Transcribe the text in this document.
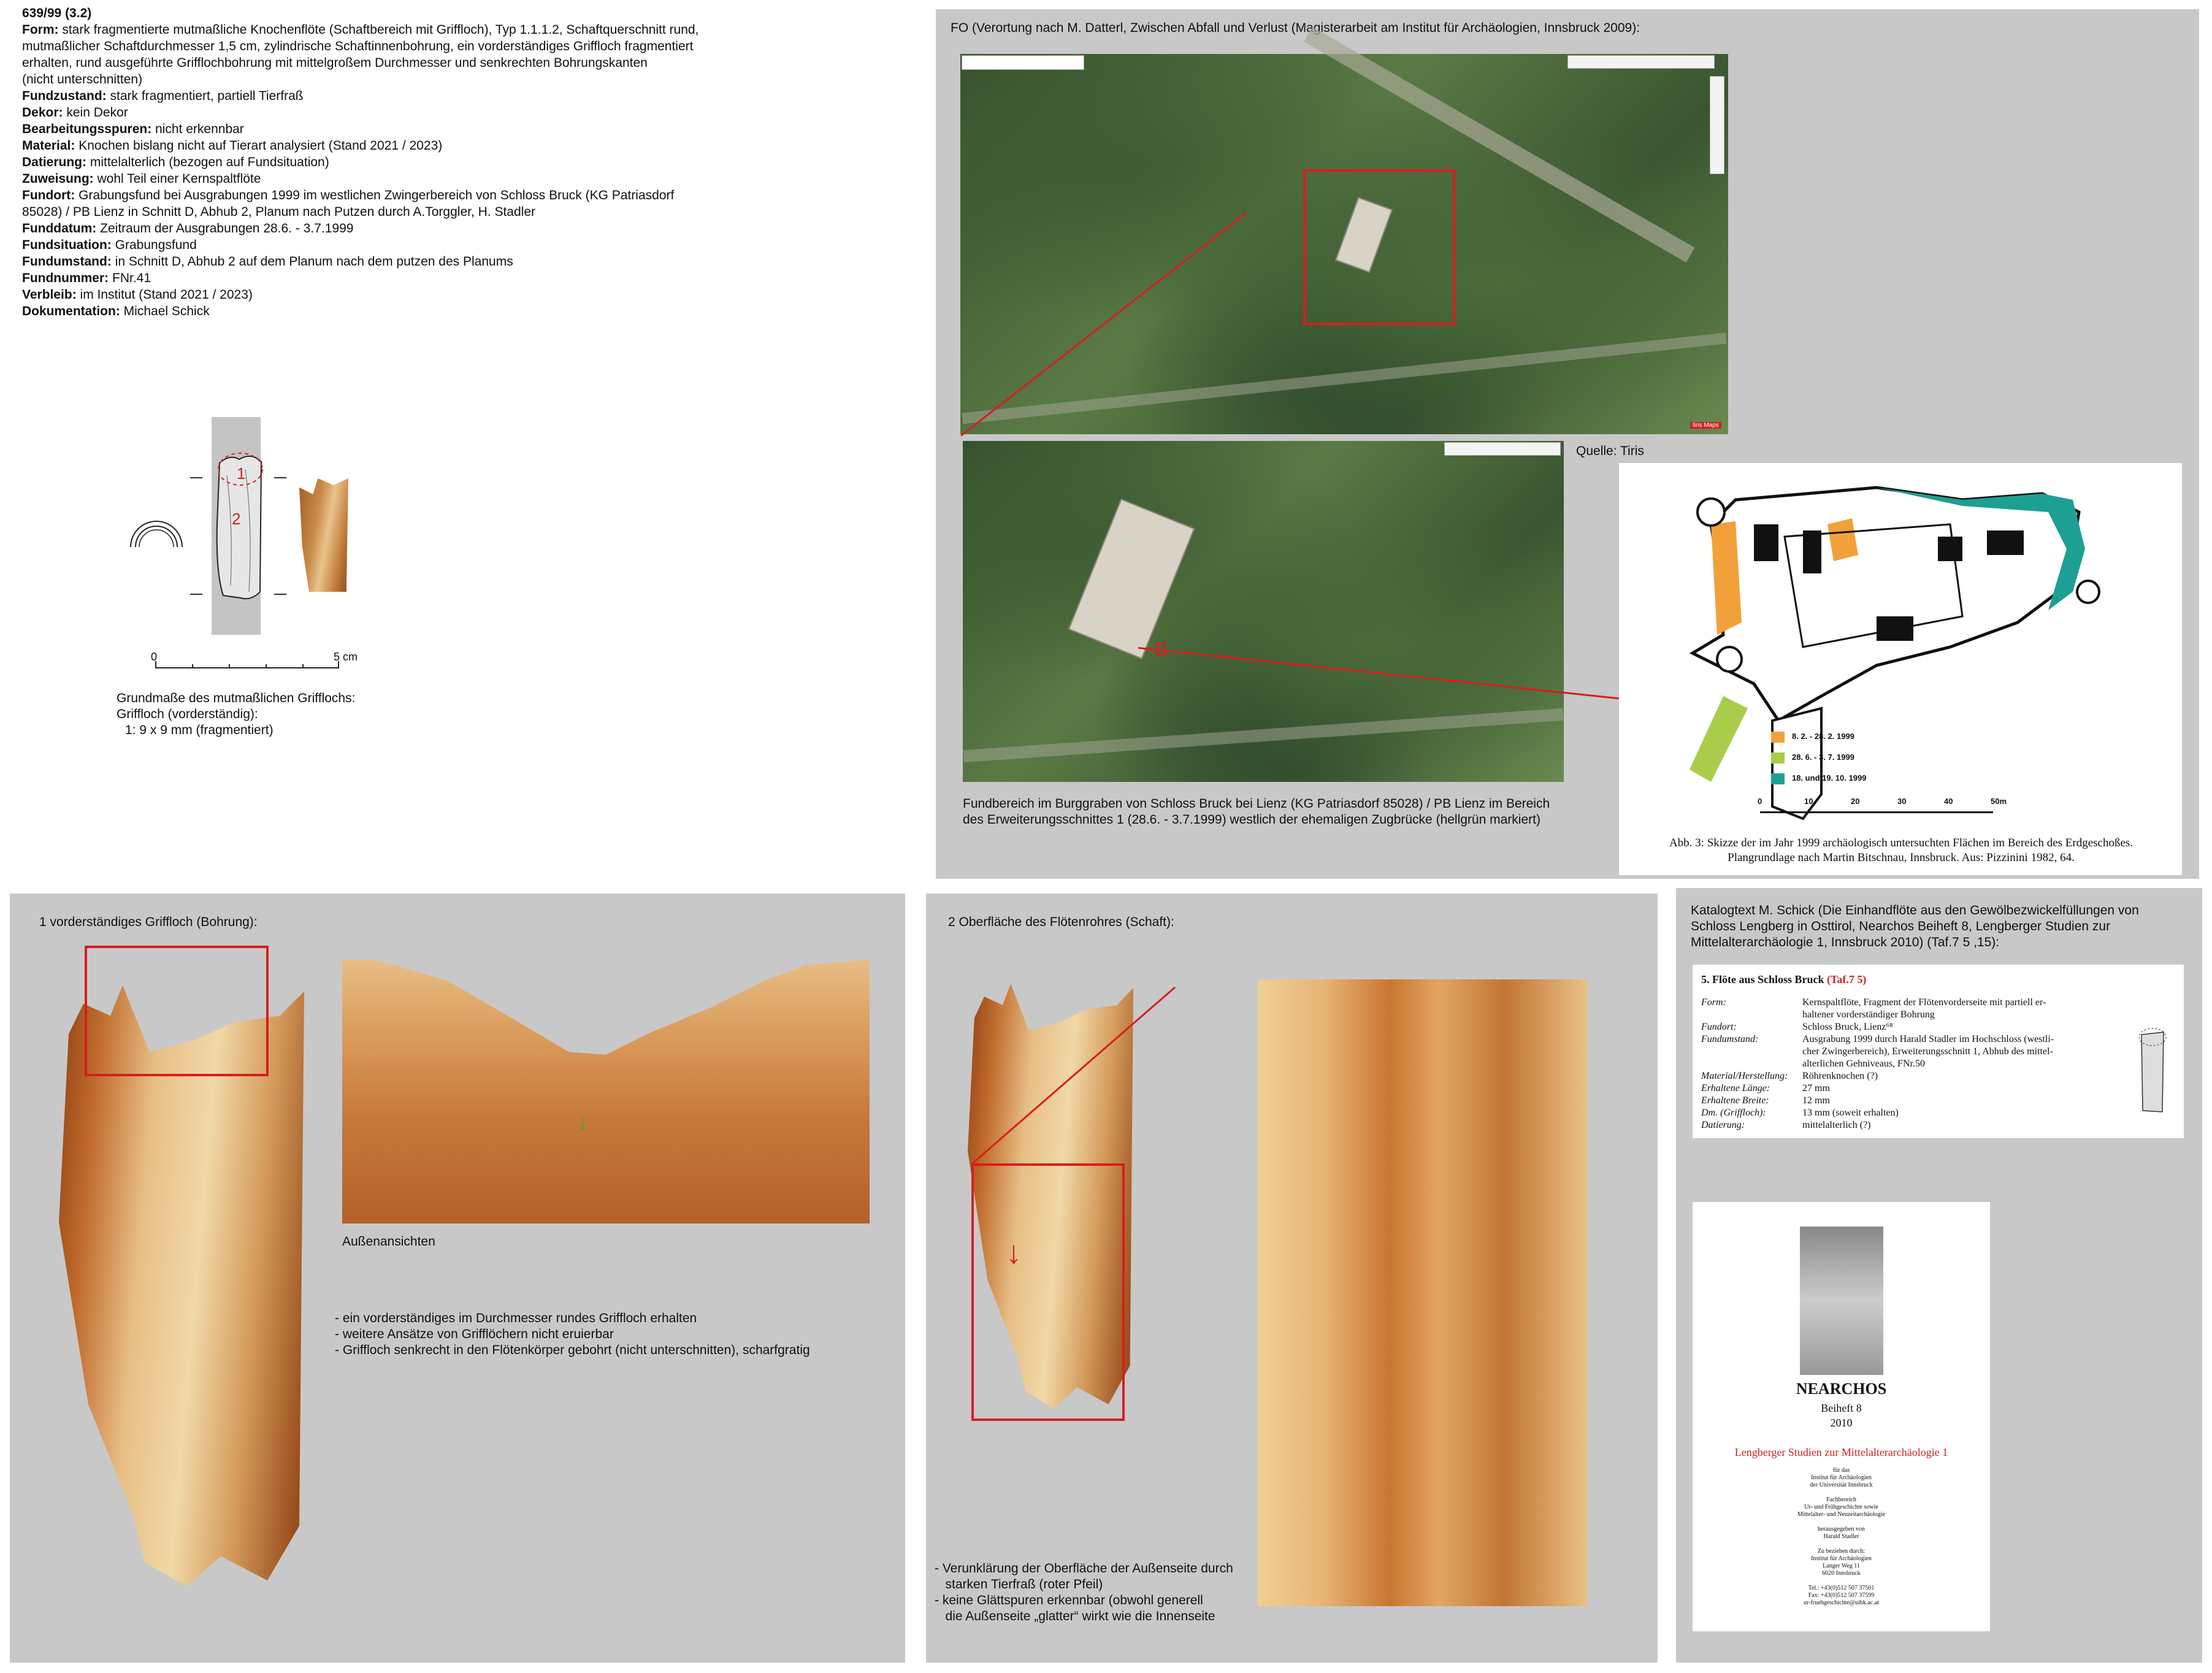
639/99 (3.2)
Form: stark fragmentierte mutmaßliche Knochenflöte (Schaftbereich mit Griffloch), Typ 1.1.1.2, Schaftquerschnitt rund,
mutmaßlicher Schaftdurchmesser 1,5 cm, zylindrische Schaftinnenbohrung, ein vorderständiges Griffloch fragmentiert
erhalten, rund ausgeführte Grifflochbohrung mit mittelgroßem Durchmesser und senkrechten Bohrungskanten
(nicht unterschnitten)
Fundzustand: stark fragmentiert, partiell Tierfraß
Dekor: kein Dekor
Bearbeitungsspuren: nicht erkennbar
Material: Knochen bislang nicht auf Tierart analysiert (Stand 2021 / 2023)
Datierung: mittelalterlich (bezogen auf Fundsituation)
Zuweisung: wohl Teil einer Kernspaltflöte
Fundort: Grabungsfund bei Ausgrabungen 1999 im westlichen Zwingerbereich von Schloss Bruck (KG Patriasdorf
85028) / PB Lienz in Schnitt D, Abhub 2, Planum nach Putzen durch A.Torggler, H. Stadler
Funddatum: Zeitraum der Ausgrabungen 28.6. - 3.7.1999
Fundsituation: Grabungsfund
Fundumstand: in Schnitt D, Abhub 2 auf dem Planum nach dem putzen des Planums
Fundnummer: FNr.41
Verbleib: im Institut (Stand 2021 / 2023)
Dokumentation: Michael Schick
1
2
0	5 cm
Grundmaße des mutmaßlichen Grifflochs:
Griffloch (vorderständig):
1: 9 x 9 mm (fragmentiert)
FO (Verortung nach M. Datterl, Zwischen Abfall und Verlust (Magisterarbeit am Institut für Archäologien, Innsbruck 2009):
tiris Maps
Quelle: Tiris
Fundbereich im Burggraben von Schloss Bruck bei Lienz (KG Patriasdorf 85028) / PB Lienz im Bereich
des Erweiterungsschnittes 1 (28.6. - 3.7.1999) westlich der ehemaligen Zugbrücke (hellgrün markiert)
8. 2. - 28. 2. 1999
28. 6. - 3. 7. 1999
18. und 19. 10. 1999
0	10	20	30	40	50m
Abb. 3: Skizze der im Jahr 1999 archäologisch untersuchten Flächen im Bereich des Erdgeschoßes.
Plangrundlage nach Martin Bitschnau, Innsbruck. Aus: Pizzinini 1982, 64.
1 vorderständiges Griffloch (Bohrung):
↓
Außenansichten
- ein vorderständiges im Durchmesser rundes Griffloch erhalten
- weitere Ansätze von Grifflöchern nicht eruierbar
- Griffloch senkrecht in den Flötenkörper gebohrt (nicht unterschnitten), scharfgratig
2 Oberfläche des Flötenrohres (Schaft):
↓
- Verunklärung der Oberfläche der Außenseite durch
starken Tierfraß (roter Pfeil)
- keine Glättspuren erkennbar (obwohl generell
die Außenseite „glatter“ wirkt wie die Innenseite
Katalogtext M. Schick (Die Einhandflöte aus den Gewölbezwickelfüllungen von
Schloss Lengberg in Osttirol, Nearchos Beiheft 8, Lengberger Studien zur
Mittelalterarchäologie 1, Innsbruck 2010) (Taf.7 5 ,15):
5. Flöte aus Schloss Bruck (Taf.7 5)
Form:	Kernspaltflöte, Fragment der Flötenvorderseite mit partiell er-
haltener vorderständiger Bohrung
Fundort:	Schloss Bruck, Lienz⁶⁸
Fundumstand:	Ausgrabung 1999 durch Harald Stadler im Hochschloss (westli-
cher Zwingerbereich), Erweiterungsschnitt 1, Abhub des mittel-
alterlichen Gehniveaus, FNr.50
Material/Herstellung:	Röhrenknochen (?)
Erhaltene Länge:	27 mm
Erhaltene Breite:	12 mm
Dm. (Griffloch):	13 mm (soweit erhalten)
Datierung:	mittelalterlich (?)
NEARCHOS
Beiheft 8
2010
Lengberger Studien zur Mittelalterarchäologie 1
für das
Institut für Archäologien
der Universität Innsbruck
Fachbereich
Ur- und Frühgeschichte sowie
Mittelalter- und Neuzeitarchäologie
herausgegeben von
Harald Stadler
Zu beziehen durch:
Institut für Archäologien
Langer Weg 11
6020 Innsbruck
Tel.: +43(0)512 507 37501
Fax: +43(0)512 507 37599
ur-fruehgeschichte@uibk.ac.at
